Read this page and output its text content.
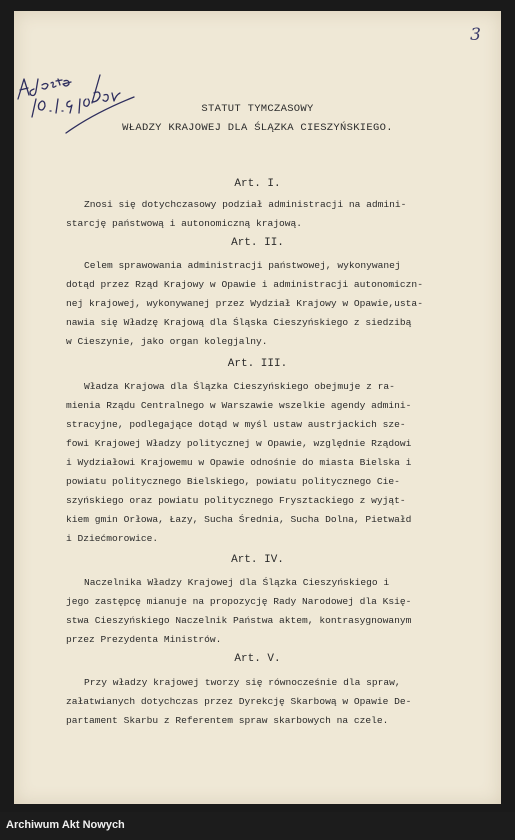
3
STATUT TYMCZASOWY
WŁADZY KRAJOWEJ DLA ŚLĄZKA CIESZYŃSKIEGO.
Art. I.
Znosi się dotychczasowy podział administracji na admini-
starcję państwową i autonomiczną krajową.
Art. II.
Celem sprawowania administracji państwowej, wykonywanej
dotąd przez Rząd Krajowy w Opawie i administracji autonomiczn-
nej krajowej, wykonywanej przez Wydział Krajowy w Opawie,usta-
nawia się Władzę Krajową dla Śląska Cieszyńskiego z siedzibą
w Cieszynie, jako organ kolegjalny.
Art. III.
Władza Krajowa dla Ślązka Cieszyńskiego obejmuje z ra-
mienia Rządu Centralnego w Warszawie wszelkie agendy admini-
stracyjne, podlegające dotąd w myśl ustaw austrjackich sze-
fowi Krajowej Władzy politycznej w Opawie, względnie Rządowi
i Wydziałowi Krajowemu w Opawie odnośnie do miasta Bielska i
powiatu politycznego Bielskiego, powiatu politycznego Cie-
szyńskiego oraz powiatu politycznego Frysztackiego z wyjąt-
kiem gmin Orłowa, Łazy, Sucha Średnia, Sucha Dolna, Pietwałd
i Dziećmorowice.
Art. IV.
Naczelnika Władzy Krajowej dla Ślązka Cieszyńskiego i
jego zastępcę mianuje na propozycję Rady Narodowej dla Księ-
stwa Cieszyńskiego Naczelnik Państwa aktem, kontrasygnowanym
przez Prezydenta Ministrów.
Art. V.
Przy władzy krajowej tworzy się równocześnie dla spraw,
załatwianych dotychczas przez Dyrekcję Skarbową w Opawie De-
partament Skarbu z Referentem spraw skarbowych na czele.
Archiwum Akt Nowych
